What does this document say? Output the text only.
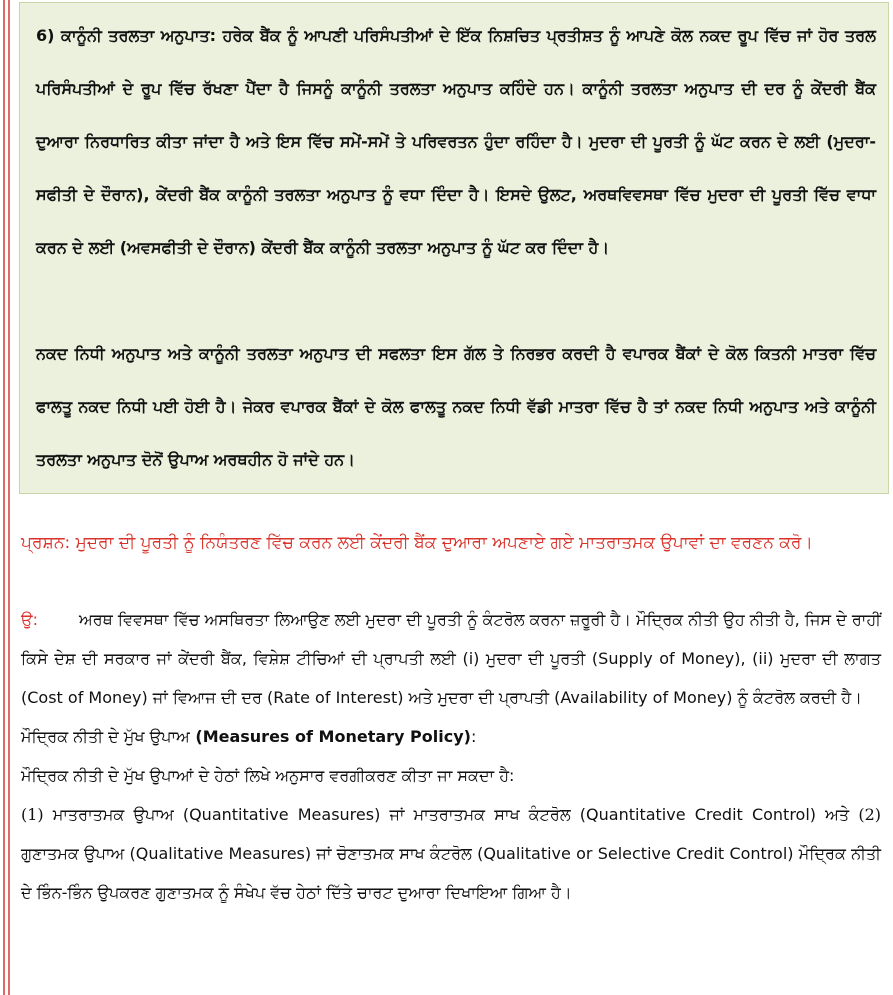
6) ਕਾਨੂੰਨੀ ਤਰਲਤਾ ਅਨੁਪਾਤ: ਹਰੇਕ ਬੈਂਕ ਨੂੰ ਆਪਣੀ ਪਰਿਸੰਪਤੀਆਂ ਦੇ ਇੱਕ ਨਿਸ਼ਚਿਤ ਪ੍ਰਤੀਸ਼ਤ ਨੂੰ ਆਪਣੇ ਕੋਲ ਨਕਦ ਰੂਪ ਵਿੱਚ ਜਾਂ ਹੋਰ ਤਰਲ ਪਰਿਸੰਪਤੀਆਂ ਦੇ ਰੂਪ ਵਿੱਚ ਰੱਖਣਾ ਪੈਂਦਾ ਹੈ ਜਿਸਨੂੰ ਕਾਨੂੰਨੀ ਤਰਲਤਾ ਅਨੁਪਾਤ ਕਹਿੰਦੇ ਹਨ। ਕਾਨੂੰਨੀ ਤਰਲਤਾ ਅਨੁਪਾਤ ਦੀ ਦਰ ਨੂੰ ਕੇਂਦਰੀ ਬੈਂਕ ਦੁਆਰਾ ਨਿਰਧਾਰਿਤ ਕੀਤਾ ਜਾਂਦਾ ਹੈ ਅਤੇ ਇਸ ਵਿੱਚ ਸਮੇਂ-ਸਮੇਂ ਤੇ ਪਰਿਵਰਤਨ ਹੁੰਦਾ ਰਹਿੰਦਾ ਹੈ। ਮੁਦਰਾ ਦੀ ਪੂਰਤੀ ਨੂੰ ਘੱਟ ਕਰਨ ਦੇ ਲਈ (ਮੁਦਰਾ-ਸਫੀਤੀ ਦੇ ਦੌਰਾਨ), ਕੇਂਦਰੀ ਬੈਂਕ ਕਾਨੂੰਨੀ ਤਰਲਤਾ ਅਨੁਪਾਤ ਨੂੰ ਵਧਾ ਦਿੰਦਾ ਹੈ। ਇਸਦੇ ਉਲਟ, ਅਰਥਵਿਵਸਥਾ ਵਿੱਚ ਮੁਦਰਾ ਦੀ ਪੂਰਤੀ ਵਿੱਚ ਵਾਧਾ ਕਰਨ ਦੇ ਲਈ (ਅਵਸਫੀਤੀ ਦੇ ਦੌਰਾਨ) ਕੇਂਦਰੀ ਬੈਂਕ ਕਾਨੂੰਨੀ ਤਰਲਤਾ ਅਨੁਪਾਤ ਨੂੰ ਘੱਟ ਕਰ ਦਿੰਦਾ ਹੈ।

ਨਕਦ ਨਿਧੀ ਅਨੁਪਾਤ ਅਤੇ ਕਾਨੂੰਨੀ ਤਰਲਤਾ ਅਨੁਪਾਤ ਦੀ ਸਫਲਤਾ ਇਸ ਗੱਲ ਤੇ ਨਿਰਭਰ ਕਰਦੀ ਹੈ ਵਪਾਰਕ ਬੈਂਕਾਂ ਦੇ ਕੋਲ ਕਿਤਨੀ ਮਾਤਰਾ ਵਿੱਚ ਫਾਲਤੂ ਨਕਦ ਨਿਧੀ ਪਈ ਹੋਈ ਹੈ। ਜੇਕਰ ਵਪਾਰਕ ਬੈਂਕਾਂ ਦੇ ਕੋਲ ਫਾਲਤੂ ਨਕਦ ਨਿਧੀ ਵੱਡੀ ਮਾਤਰਾ ਵਿੱਚ ਹੈ ਤਾਂ ਨਕਦ ਨਿਧੀ ਅਨੁਪਾਤ ਅਤੇ ਕਾਨੂੰਨੀ ਤਰਲਤਾ ਅਨੁਪਾਤ ਦੋਨੋਂ ਉਪਾਅ ਅਰਥਹੀਨ ਹੋ ਜਾਂਦੇ ਹਨ।

ਪ੍ਰਸ਼ਨ: ਮੁਦਰਾ ਦੀ ਪੂਰਤੀ ਨੂੰ ਨਿਯੰਤਰਣ ਵਿੱਚ ਕਰਨ ਲਈ ਕੇਂਦਰੀ ਬੈਂਕ ਦੁਆਰਾ ਅਪਣਾਏ ਗਏ ਮਾਤਰਾਤਮਕ ਉਪਾਵਾਂ ਦਾ ਵਰਣਨ ਕਰੋ।

ਉ:	ਅਰਥ ਵਿਵਸਥਾ ਵਿੱਚ ਅਸਥਿਰਤਾ ਲਿਆਉਣ ਲਈ ਮੁਦਰਾ ਦੀ ਪੂਰਤੀ ਨੂੰ ਕੰਟਰੋਲ ਕਰਨਾ ਜ਼ਰੂਰੀ ਹੈ। ਮੌਦ੍ਰਿਕ ਨੀਤੀ ਉਹ ਨੀਤੀ ਹੈ, ਜਿਸ ਦੇ ਰਾਹੀਂ ਕਿਸੇ ਦੇਸ਼ ਦੀ ਸਰਕਾਰ ਜਾਂ ਕੇਂਦਰੀ ਬੈਂਕ, ਵਿਸ਼ੇਸ਼ ਟੀਚਿਆਂ ਦੀ ਪ੍ਰਾਪਤੀ ਲਈ (i) ਮੁਦਰਾ ਦੀ ਪੂਰਤੀ (Supply of Money), (ii) ਮੁਦਰਾ ਦੀ ਲਾਗਤ (Cost of Money) ਜਾਂ ਵਿਆਜ ਦੀ ਦਰ (Rate of Interest) ਅਤੇ ਮੁਦਰਾ ਦੀ ਪ੍ਰਾਪਤੀ (Availability of Money) ਨੂੰ ਕੰਟਰੋਲ ਕਰਦੀ ਹੈ।
ਮੌਦ੍ਰਿਕ ਨੀਤੀ ਦੇ ਮੁੱਖ ਉਪਾਅ (Measures of Monetary Policy):
ਮੌਦ੍ਰਿਕ ਨੀਤੀ ਦੇ ਮੁੱਖ ਉਪਾਆਂ ਦੇ ਹੇਠਾਂ ਲਿਖੇ ਅਨੁਸਾਰ ਵਰਗੀਕਰਣ ਕੀਤਾ ਜਾ ਸਕਦਾ ਹੈ:
(1) ਮਾਤਰਾਤਮਕ ਉਪਾਅ (Quantitative Measures) ਜਾਂ ਮਾਤਰਾਤਮਕ ਸਾਖ ਕੰਟਰੋਲ (Quantitative Credit Control) ਅਤੇ (2) ਗੁਣਾਤਮਕ ਉਪਾਅ (Qualitative Measures) ਜਾਂ ਚੋਣਾਤਮਕ ਸਾਖ ਕੰਟਰੋਲ (Qualitative or Selective Credit Control) ਮੌਦ੍ਰਿਕ ਨੀਤੀ ਦੇ ਭਿੰਨ-ਭਿੰਨ ਉਪਕਰਣ ਗੁਣਾਤਮਕ ਨੂੰ ਸੰਖੇਪ ਵੱਚ ਹੇਠਾਂ ਦਿੱਤੇ ਚਾਰਟ ਦੁਆਰਾ ਦਿਖਾਇਆ ਗਿਆ ਹੈ।
